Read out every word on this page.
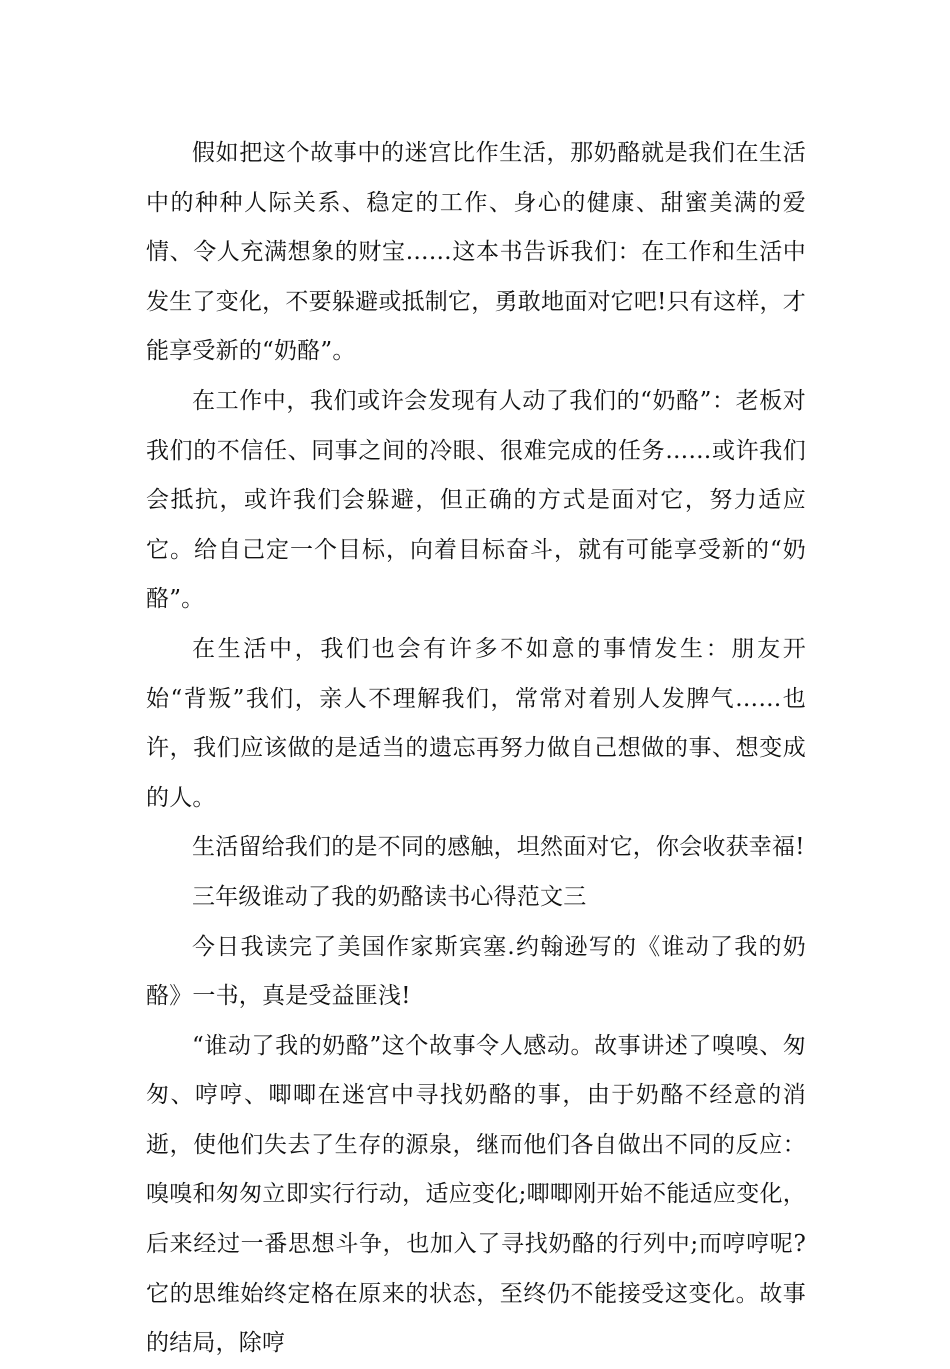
假如把这个故事中的迷宫比作生活，那奶酪就是我们在生活中的种种人际关系、稳定的工作、身心的健康、甜蜜美满的爱情、令人充满想象的财宝……这本书告诉我们：在工作和生活中发生了变化，不要躲避或抵制它，勇敢地面对它吧!只有这样，才能享受新的“奶酪”。

在工作中，我们或许会发现有人动了我们的“奶酪”：老板对我们的不信任、同事之间的冷眼、很难完成的任务……或许我们会抵抗，或许我们会躲避，但正确的方式是面对它，努力适应它。给自己定一个目标，向着目标奋斗，就有可能享受新的“奶酪”。

在生活中，我们也会有许多不如意的事情发生：朋友开始“背叛”我们，亲人不理解我们，常常对着别人发脾气……也许，我们应该做的是适当的遗忘再努力做自己想做的事、想变成的人。

生活留给我们的是不同的感触，坦然面对它，你会收获幸福!

三年级谁动了我的奶酪读书心得范文三

今日我读完了美国作家斯宾塞.约翰逊写的《谁动了我的奶酪》一书，真是受益匪浅!

“谁动了我的奶酪”这个故事令人感动。故事讲述了嗅嗅、匆匆、哼哼、唧唧在迷宫中寻找奶酪的事，由于奶酪不经意的消逝，使他们失去了生存的源泉，继而他们各自做出不同的反应：嗅嗅和匆匆立即实行行动，适应变化;唧唧刚开始不能适应变化，后来经过一番思想斗争，也加入了寻找奶酪的行列中;而哼哼呢?它的思维始终定格在原来的状态，至终仍不能接受这变化。故事的结局，除哼
